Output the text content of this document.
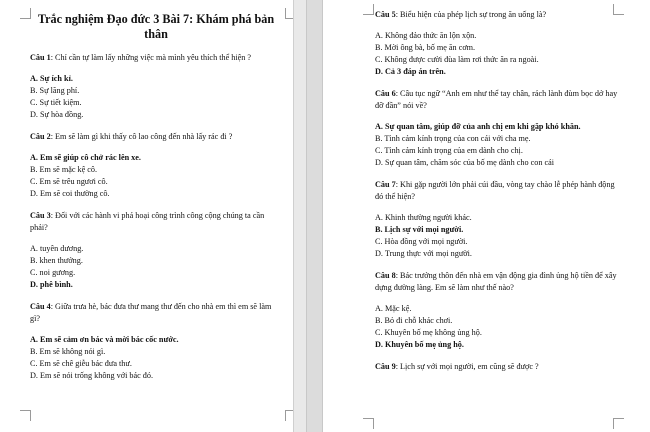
Trắc nghiệm Đạo đức 3 Bài 7: Khám phá bản thân
Câu 1: Chỉ cần tự làm lấy những việc mà mình yêu thích thể hiện ?
A. Sự ích kỉ.
B. Sự lãng phí.
C. Sự tiết kiệm.
D. Sự hòa đồng.
Câu 2: Em sẽ làm gì khi thấy cô lao công đến nhà lấy rác đi ?
A. Em sẽ giúp cô chở rác lên xe.
B. Em sẽ mặc kệ cô.
C. Em sẽ trêu ngươi cô.
D. Em sẽ coi thường cô.
Câu 3: Đối với các hành vi phá hoại công trình công cộng chúng ta cần
phải?
A. tuyên dương.
B. khen thưởng.
C. noi gương.
D. phê bình.
Câu 4: Giữa trưa hè, bác đưa thư mang thư đến cho nhà em thì em sẽ làm
gì?
A. Em sẽ cảm ơn bác và mời bác cốc nước.
B. Em sẽ không nói gì.
C. Em sẽ chê giễu bác đưa thư.
D. Em sẽ nói trống không với bác đó.
Câu 5: Biểu hiện của phép lịch sự trong ăn uống là?
A. Không đảo thức ăn lộn xộn.
B. Mời ông bà, bố mẹ ăn cơm.
C. Không được cười đùa làm rơi thức ăn ra ngoài.
D. Cả 3 đáp án trên.
Câu 6: Câu tục ngữ “Anh em như thể tay chân, rách lành đùm bọc dở hay
đỡ đần” nói về?
A. Sự quan tâm, giúp đỡ của anh chị em khi gặp khó khăn.
B. Tình cảm kính trọng của con cái với cha mẹ.
C. Tình cảm kính trọng của em dành cho chị.
D. Sự quan tâm, chăm sóc của bố mẹ dành cho con cái
Câu 7: Khi gặp người lớn phải cúi đầu, vòng tay chào lễ phép hành động
đó thể hiện?
A. Khinh thường người khác.
B. Lịch sự với mọi người.
C. Hòa đồng với mọi người.
D. Trung thực với mọi người.
Câu 8: Bác trưởng thôn đến nhà em vận động gia đình ủng hộ tiền để xây
dựng đường làng. Em sẽ làm như thế nào?
A. Mặc kệ.
B. Bỏ đi chỗ khác chơi.
C. Khuyên bố mẹ không ủng hộ.
D. Khuyên bố mẹ ủng hộ.
Câu 9: Lịch sự với mọi người, em cũng sẽ được ?
